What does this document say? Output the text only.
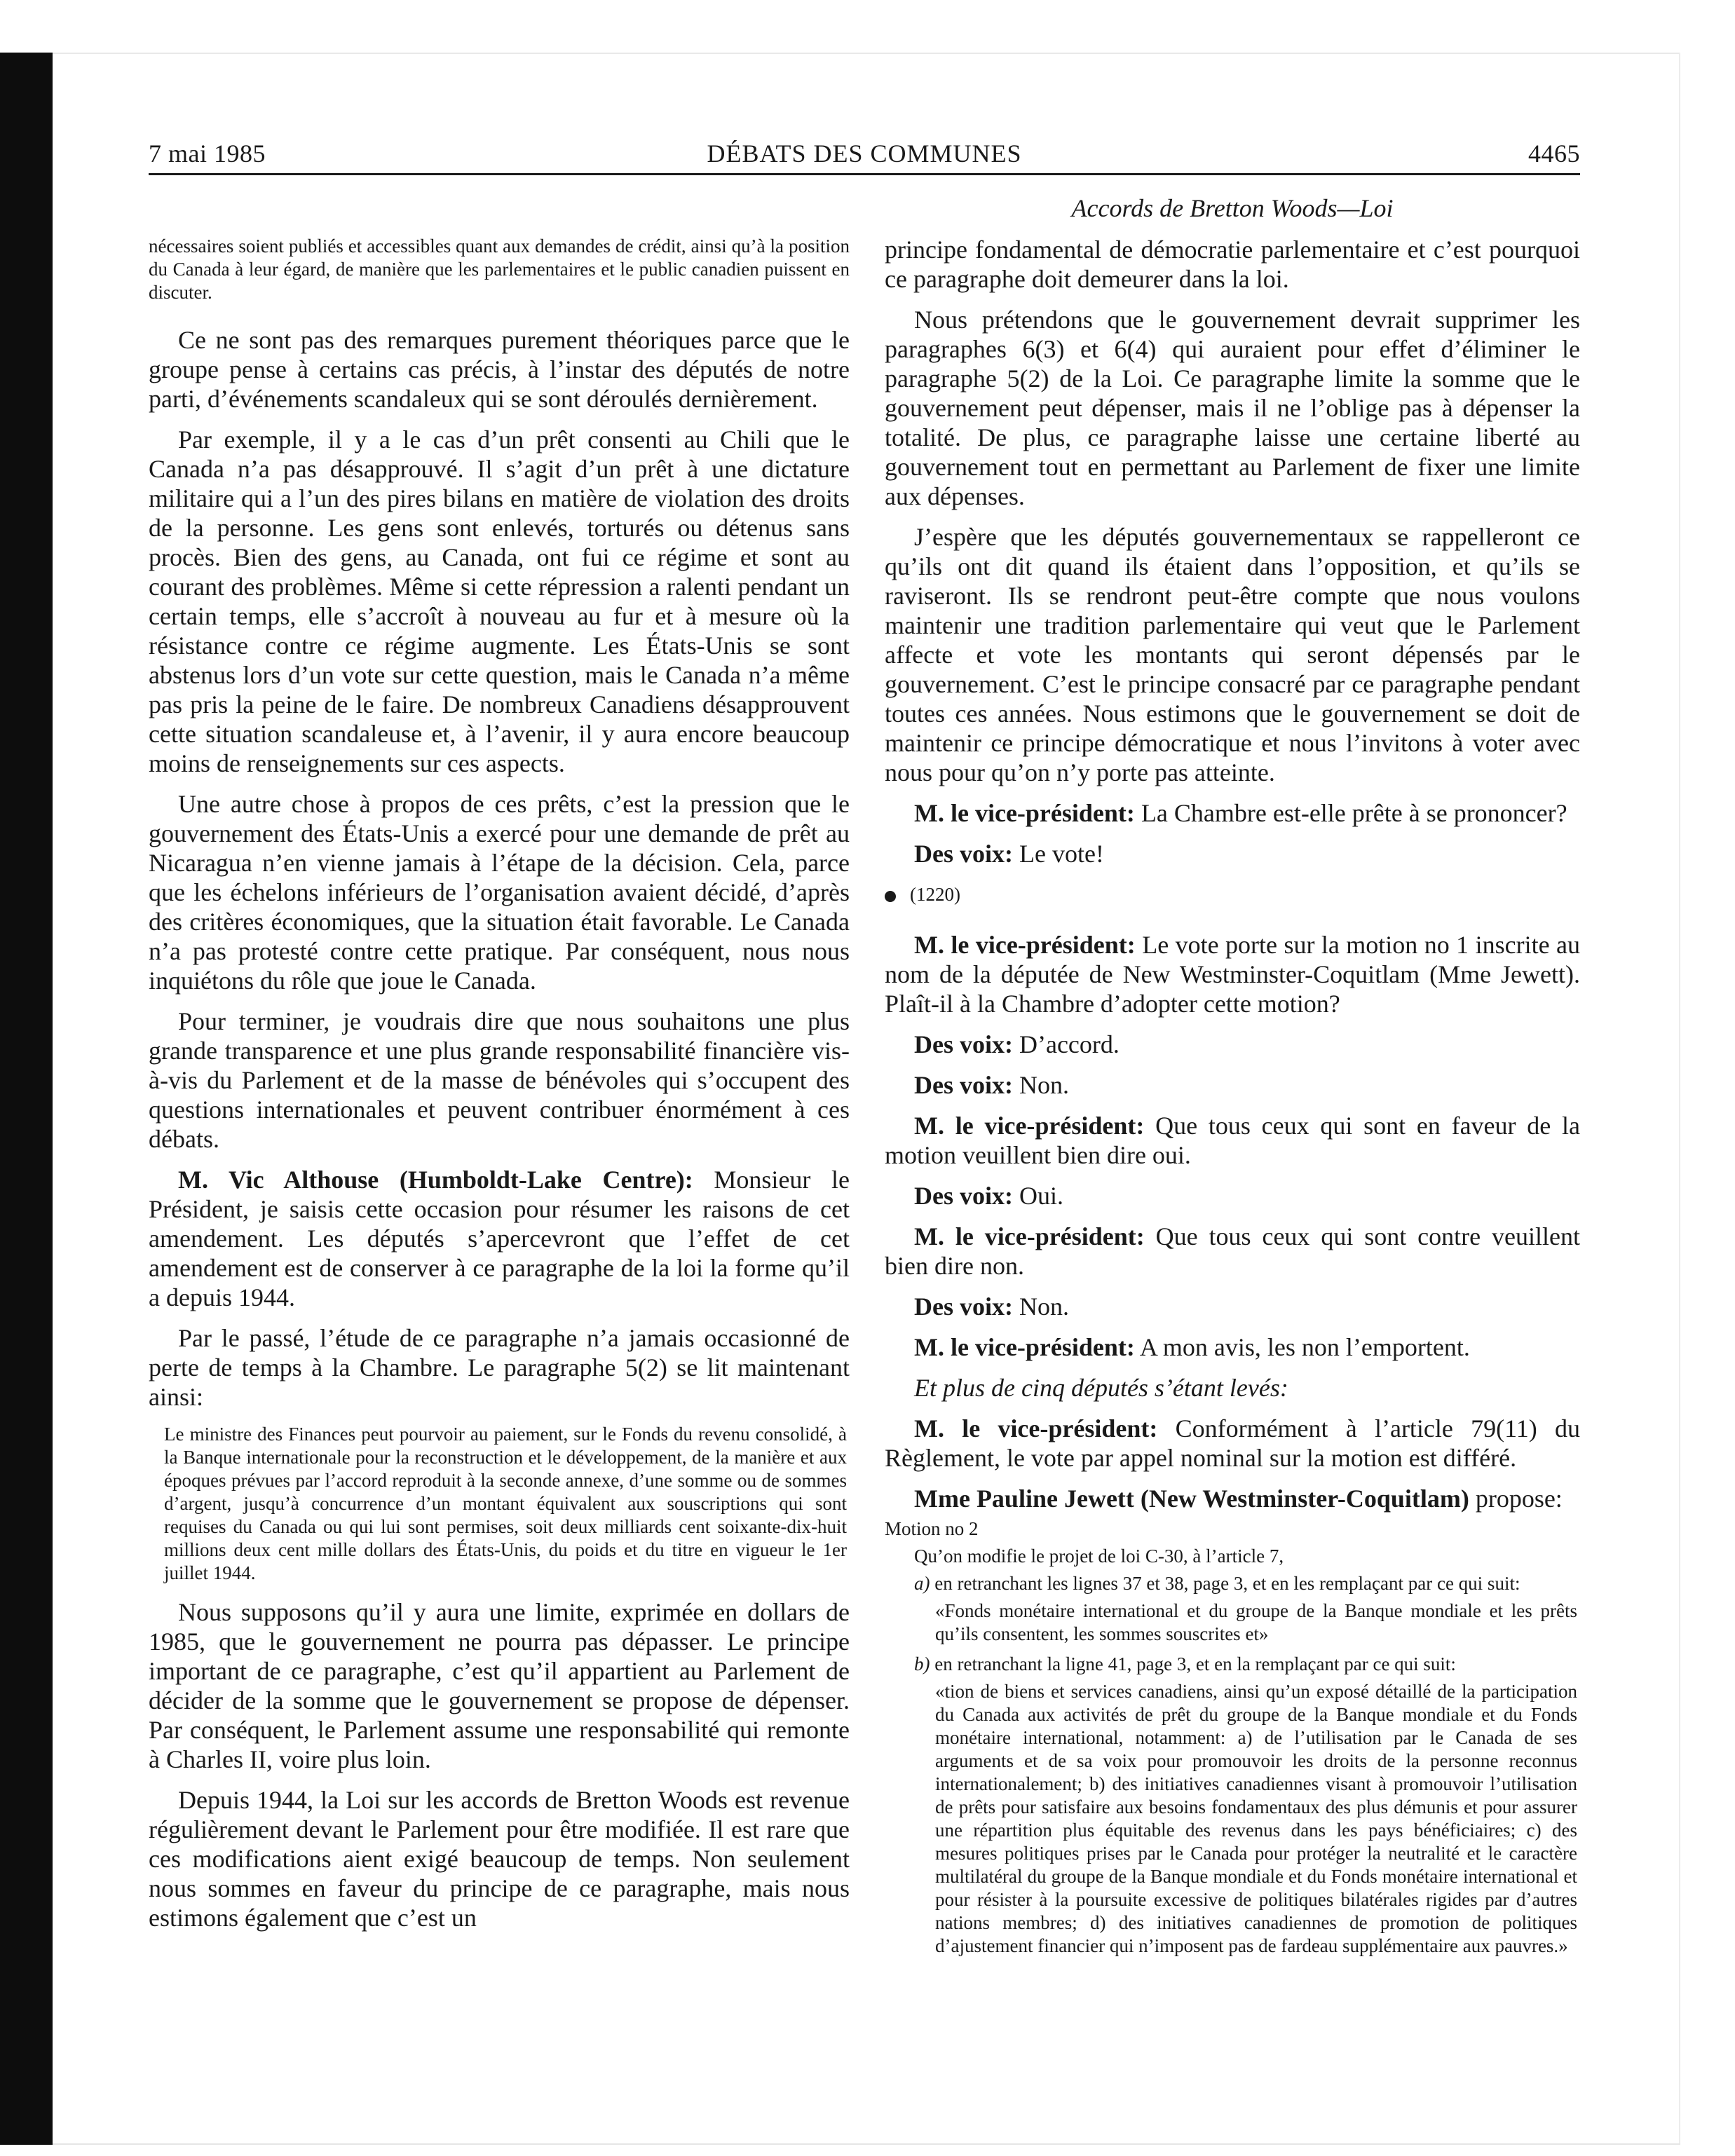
7 mai 1985	DÉBATS DES COMMUNES	4465
Accords de Bretton Woods—Loi

nécessaires soient publiés et accessibles quant aux demandes de crédit, ainsi qu’à la position du Canada à leur égard, de manière que les parlementaires et le public canadien puissent en discuter.

Ce ne sont pas des remarques purement théoriques parce que le groupe pense à certains cas précis, à l’instar des députés de notre parti, d’événements scandaleux qui se sont déroulés dernièrement.

Par exemple, il y a le cas d’un prêt consenti au Chili que le Canada n’a pas désapprouvé. Il s’agit d’un prêt à une dictature militaire qui a l’un des pires bilans en matière de violation des droits de la personne. Les gens sont enlevés, torturés ou détenus sans procès. Bien des gens, au Canada, ont fui ce régime et sont au courant des problèmes. Même si cette répression a ralenti pendant un certain temps, elle s’accroît à nouveau au fur et à mesure où la résistance contre ce régime augmente. Les États-Unis se sont abstenus lors d’un vote sur cette question, mais le Canada n’a même pas pris la peine de le faire. De nombreux Canadiens désapprouvent cette situation scandaleuse et, à l’avenir, il y aura encore beaucoup moins de renseignements sur ces aspects.

Une autre chose à propos de ces prêts, c’est la pression que le gouvernement des États-Unis a exercé pour une demande de prêt au Nicaragua n’en vienne jamais à l’étape de la décision. Cela, parce que les échelons inférieurs de l’organisation avaient décidé, d’après des critères économiques, que la situation était favorable. Le Canada n’a pas protesté contre cette pratique. Par conséquent, nous nous inquiétons du rôle que joue le Canada.

Pour terminer, je voudrais dire que nous souhaitons une plus grande transparence et une plus grande responsabilité financière vis-à-vis du Parlement et de la masse de bénévoles qui s’occupent des questions internationales et peuvent contribuer énormément à ces débats.

M. Vic Althouse (Humboldt-Lake Centre): Monsieur le Président, je saisis cette occasion pour résumer les raisons de cet amendement. Les députés s’apercevront que l’effet de cet amendement est de conserver à ce paragraphe de la loi la forme qu’il a depuis 1944.

Par le passé, l’étude de ce paragraphe n’a jamais occasionné de perte de temps à la Chambre. Le paragraphe 5(2) se lit maintenant ainsi:

Le ministre des Finances peut pourvoir au paiement, sur le Fonds du revenu consolidé, à la Banque internationale pour la reconstruction et le développement, de la manière et aux époques prévues par l’accord reproduit à la seconde annexe, d’une somme ou de sommes d’argent, jusqu’à concurrence d’un montant équivalent aux souscriptions qui sont requises du Canada ou qui lui sont permises, soit deux milliards cent soixante-dix-huit millions deux cent mille dollars des États-Unis, du poids et du titre en vigueur le 1er juillet 1944.

Nous supposons qu’il y aura une limite, exprimée en dollars de 1985, que le gouvernement ne pourra pas dépasser. Le principe important de ce paragraphe, c’est qu’il appartient au Parlement de décider de la somme que le gouvernement se propose de dépenser. Par conséquent, le Parlement assume une responsabilité qui remonte à Charles II, voire plus loin.

Depuis 1944, la Loi sur les accords de Bretton Woods est revenue régulièrement devant le Parlement pour être modifiée. Il est rare que ces modifications aient exigé beaucoup de temps. Non seulement nous sommes en faveur du principe de ce paragraphe, mais nous estimons également que c’est un

principe fondamental de démocratie parlementaire et c’est pourquoi ce paragraphe doit demeurer dans la loi.

Nous prétendons que le gouvernement devrait supprimer les paragraphes 6(3) et 6(4) qui auraient pour effet d’éliminer le paragraphe 5(2) de la Loi. Ce paragraphe limite la somme que le gouvernement peut dépenser, mais il ne l’oblige pas à dépenser la totalité. De plus, ce paragraphe laisse une certaine liberté au gouvernement tout en permettant au Parlement de fixer une limite aux dépenses.

J’espère que les députés gouvernementaux se rappelleront ce qu’ils ont dit quand ils étaient dans l’opposition, et qu’ils se raviseront. Ils se rendront peut-être compte que nous voulons maintenir une tradition parlementaire qui veut que le Parlement affecte et vote les montants qui seront dépensés par le gouvernement. C’est le principe consacré par ce paragraphe pendant toutes ces années. Nous estimons que le gouvernement se doit de maintenir ce principe démocratique et nous l’invitons à voter avec nous pour qu’on n’y porte pas atteinte.

M. le vice-président: La Chambre est-elle prête à se prononcer?

Des voix: Le vote!

(1220)

M. le vice-président: Le vote porte sur la motion no 1 inscrite au nom de la députée de New Westminster-Coquitlam (Mme Jewett). Plaît-il à la Chambre d’adopter cette motion?

Des voix: D’accord.

Des voix: Non.

M. le vice-président: Que tous ceux qui sont en faveur de la motion veuillent bien dire oui.

Des voix: Oui.

M. le vice-président: Que tous ceux qui sont contre veuillent bien dire non.

Des voix: Non.

M. le vice-président: A mon avis, les non l’emportent.

Et plus de cinq députés s’étant levés:

M. le vice-président: Conformément à l’article 79(11) du Règlement, le vote par appel nominal sur la motion est différé.

Mme Pauline Jewett (New Westminster-Coquitlam) propose:

Motion no 2

Qu’on modifie le projet de loi C-30, à l’article 7,

a) en retranchant les lignes 37 et 38, page 3, et en les remplaçant par ce qui suit:

«Fonds monétaire international et du groupe de la Banque mondiale et les prêts qu’ils consentent, les sommes souscrites et»

b) en retranchant la ligne 41, page 3, et en la remplaçant par ce qui suit:

«tion de biens et services canadiens, ainsi qu’un exposé détaillé de la participation du Canada aux activités de prêt du groupe de la Banque mondiale et du Fonds monétaire international, notamment: a) de l’utilisation par le Canada de ses arguments et de sa voix pour promouvoir les droits de la personne reconnus internationalement; b) des initiatives canadiennes visant à promouvoir l’utilisation de prêts pour satisfaire aux besoins fondamentaux des plus démunis et pour assurer une répartition plus équitable des revenus dans les pays bénéficiaires; c) des mesures politiques prises par le Canada pour protéger la neutralité et le caractère multilatéral du groupe de la Banque mondiale et du Fonds monétaire international et pour résister à la poursuite excessive de politiques bilatérales rigides par d’autres nations membres; d) des initiatives canadiennes de promotion de politiques d’ajustement financier qui n’imposent pas de fardeau supplémentaire aux pauvres.»
